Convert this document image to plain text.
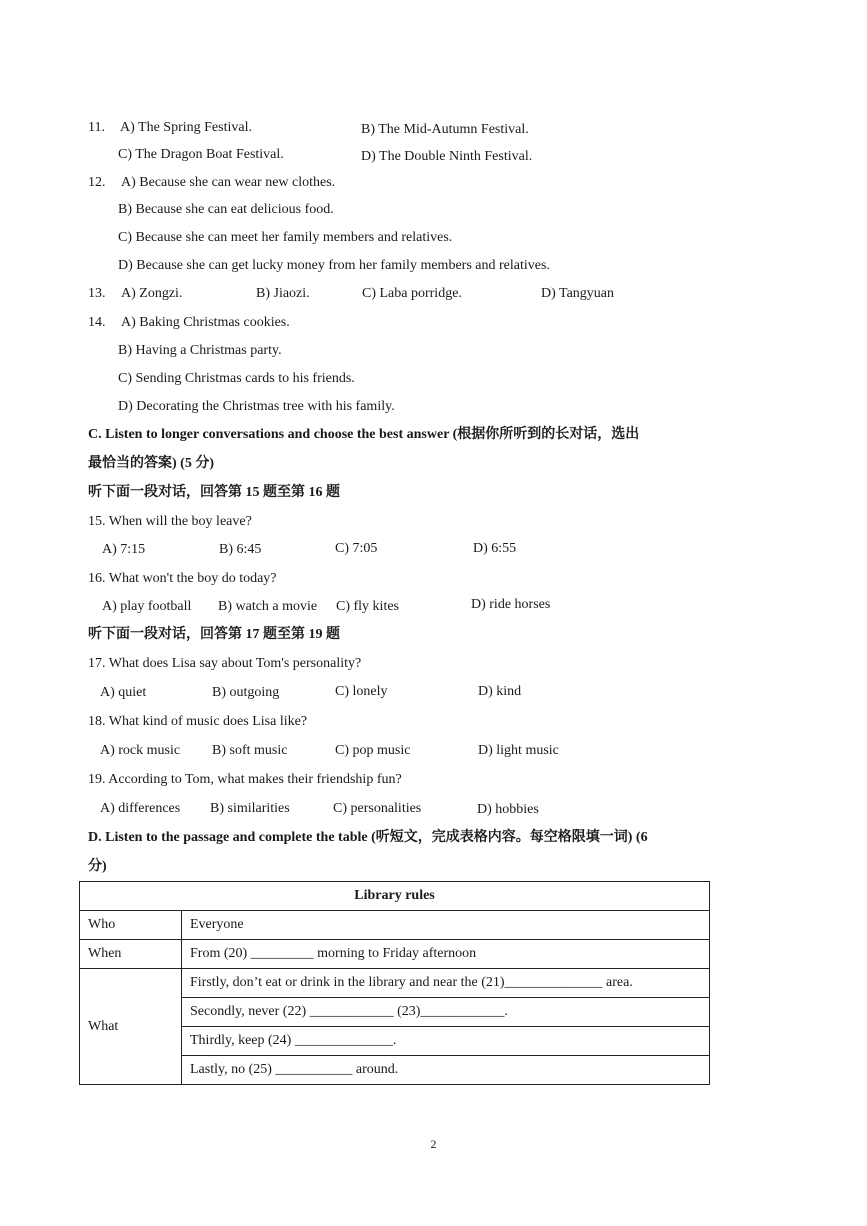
11. A) The Spring Festival.	B) The Mid-Autumn Festival.
C) The Dragon Boat Festival.	D) The Double Ninth Festival.
12. A) Because she can wear new clothes.
B) Because she can eat delicious food.
C) Because she can meet her family members and relatives.
D) Because she can get lucky money from her family members and relatives.
13. A) Zongzi.	B) Jiaozi.	C) Laba porridge.	D) Tangyuan
14. A) Baking Christmas cookies.
B) Having a Christmas party.
C) Sending Christmas cards to his friends.
D) Decorating the Christmas tree with his family.
C. Listen to longer conversations and choose the best answer (根据你所听到的长对话，选出
最恰当的答案) (5 分)
听下面一段对话，回答第 15 题至第 16 题
15. When will the boy leave?
A) 7:15	B) 6:45	C) 7:05	D) 6:55
16. What won't the boy do today?
A) play football B) watch a movie C) fly kites	D) ride horses
听下面一段对话，回答第 17 题至第 19 题
17. What does Lisa say about Tom's personality?
A) quiet	B) outgoing	C) lonely	D) kind
18. What kind of music does Lisa like?
A) rock music B) soft music	C) pop music	D) light music
19. According to Tom, what makes their friendship fun?
A) differences B) similarities	C) personalities	D) hobbies
D. Listen to the passage and complete the table (听短文，完成表格内容。每空格限填一词) (6
分)
Library rules	
Who	Everyone
When	From (20) _________ morning to Friday afternoon
What	Firstly, don’t eat or drink in the library and near the (21)______________ area.
	Secondly, never (22) ____________ (23)____________.
	Thirdly, keep (24) ______________.
	Lastly, no (25) ___________ around.
2
